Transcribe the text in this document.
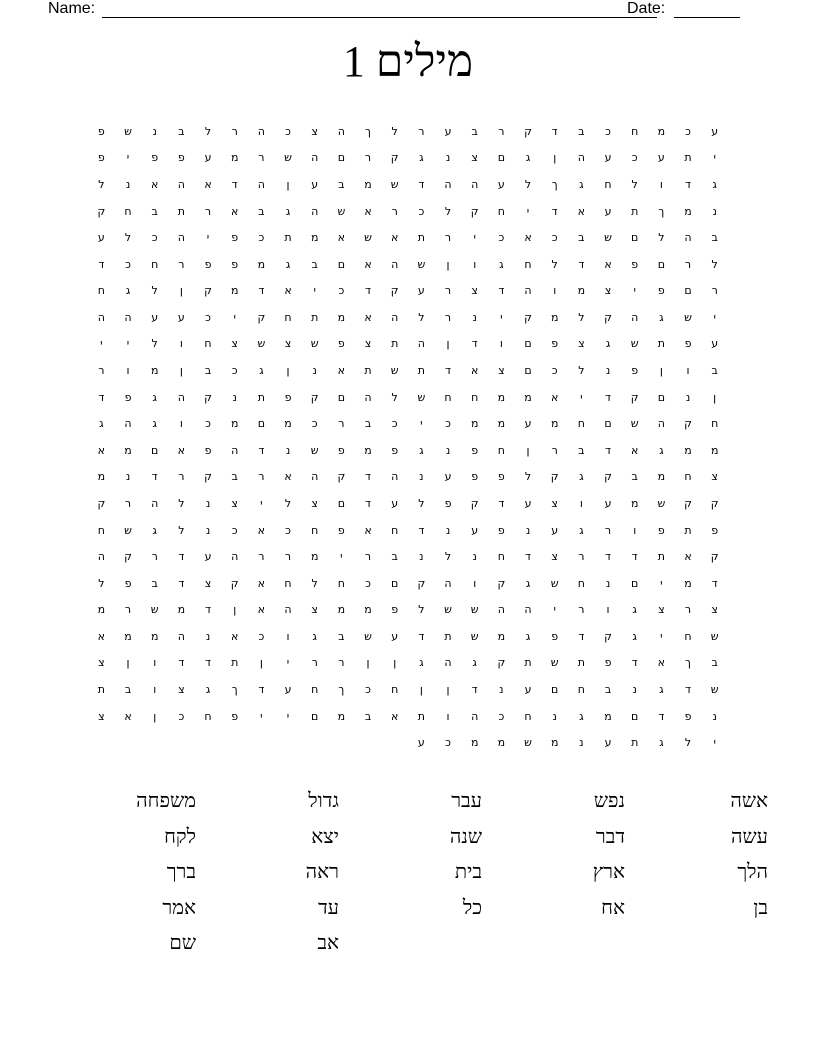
Name:	Date:
מילים 1
ע
כ
מ
ח
כ
ב
ד
ק
ר
ב
ע
ר
ל
ך
ה
צ
כ
ה
ר
ל
ב
נ
ש
פ
י
ת
ע
כ
ע
ה
ן
ג
ם
צ
נ
ג
ק
ר
ם
ה
ש
ר
מ
ע
פ
פ
י
פ
ג
ד
ו
ל
ח
ג
ך
ל
ע
ה
ה
ד
ש
מ
ב
ע
ן
ה
ד
א
ה
א
נ
ל
נ
מ
ך
ת
ע
א
ד
י
ח
ק
ל
כ
ר
א
ש
ה
ג
ב
א
ר
ת
ב
ח
ק
ב
ה
ל
ם
ש
ב
כ
א
כ
י
ר
ת
א
ש
א
מ
ת
כ
פ
י
ה
כ
ל
ע
ל
ר
ם
פ
א
ד
ל
ח
ג
ו
ן
ש
ה
א
ם
ב
ג
מ
פ
פ
ר
ח
כ
ד
ר
ם
פ
י
צ
מ
ו
ה
ד
צ
ר
ע
ק
ד
כ
י
א
ד
מ
ק
ן
ל
ג
ח
י
ש
ג
ה
ק
ל
מ
ק
י
נ
ר
ל
ה
א
מ
ת
ח
ק
י
כ
ע
ע
ה
ה
ע
פ
ת
ש
ג
צ
פ
ם
ו
ד
ן
ה
ת
צ
פ
ש
צ
ש
צ
ח
ו
ל
י
י
ב
ו
ן
פ
נ
ל
כ
ם
צ
א
ד
ת
ש
ת
א
נ
ן
ג
כ
ב
ן
מ
ו
ר
ן
נ
ם
ק
ד
י
א
מ
מ
ח
ח
ש
ל
ה
ם
ק
פ
ת
נ
ק
ה
ג
פ
ד
ח
ק
ה
ש
ם
ח
מ
ע
מ
מ
כ
י
כ
ב
ר
כ
מ
ם
מ
כ
ו
ג
ה
ג
מ
מ
ג
א
ד
ב
ר
ן
ח
פ
נ
ג
פ
מ
פ
ש
נ
ד
ה
פ
א
ם
מ
א
צ
ח
מ
ב
ק
ג
ק
ל
פ
פ
ע
נ
ה
ד
ק
ה
א
ר
ב
ק
ר
ד
נ
מ
ק
ק
ש
מ
ע
ו
צ
ע
ד
ק
פ
ל
ע
ד
ם
צ
ל
י
צ
נ
ל
ה
ר
ק
פ
ת
פ
ו
ר
ג
ע
נ
פ
ע
נ
ד
ח
א
פ
ח
כ
א
כ
נ
ל
ג
ש
ח
ק
א
ת
ד
ד
ר
צ
ד
ח
נ
ל
נ
ב
ר
י
מ
ר
ר
ה
ע
ד
ר
ק
ה
ד
מ
י
ם
נ
ח
ש
ג
ק
ו
ה
ק
ם
כ
ח
ל
ח
א
ק
צ
ד
ב
פ
ל
צ
ר
צ
ג
ו
ר
י
ה
ה
ש
ש
ל
פ
מ
מ
צ
ה
א
ן
ד
מ
ש
ר
מ
ש
ח
י
ג
ק
ד
פ
ג
מ
ש
ת
ד
ע
ש
ב
ג
ו
כ
א
נ
ה
מ
מ
א
ב
ך
א
ד
פ
ת
ש
ת
ק
ג
ה
ג
ן
ן
ר
ר
י
ן
ת
ד
ד
ו
ן
צ
ש
ד
ג
נ
ב
ח
ם
ע
נ
ד
ן
ן
ח
כ
ך
ח
ע
ד
ך
ג
צ
ו
ב
ת
נ
פ
ד
ם
מ
ג
נ
ח
כ
ה
ו
ת
א
ב
מ
ם
י
י
פ
ח
כ
ן
א
צ
י
ל
ג
ת
ע
נ
מ
ש
מ
מ
כ
ע
אשה
נפש
עבר
גדול
משפחה
עשה
דבר
שנה
יצא
לקח
הלך
ארץ
בית
ראה
ברך
בן
אח
כל
עד
אמר
אב
שם
